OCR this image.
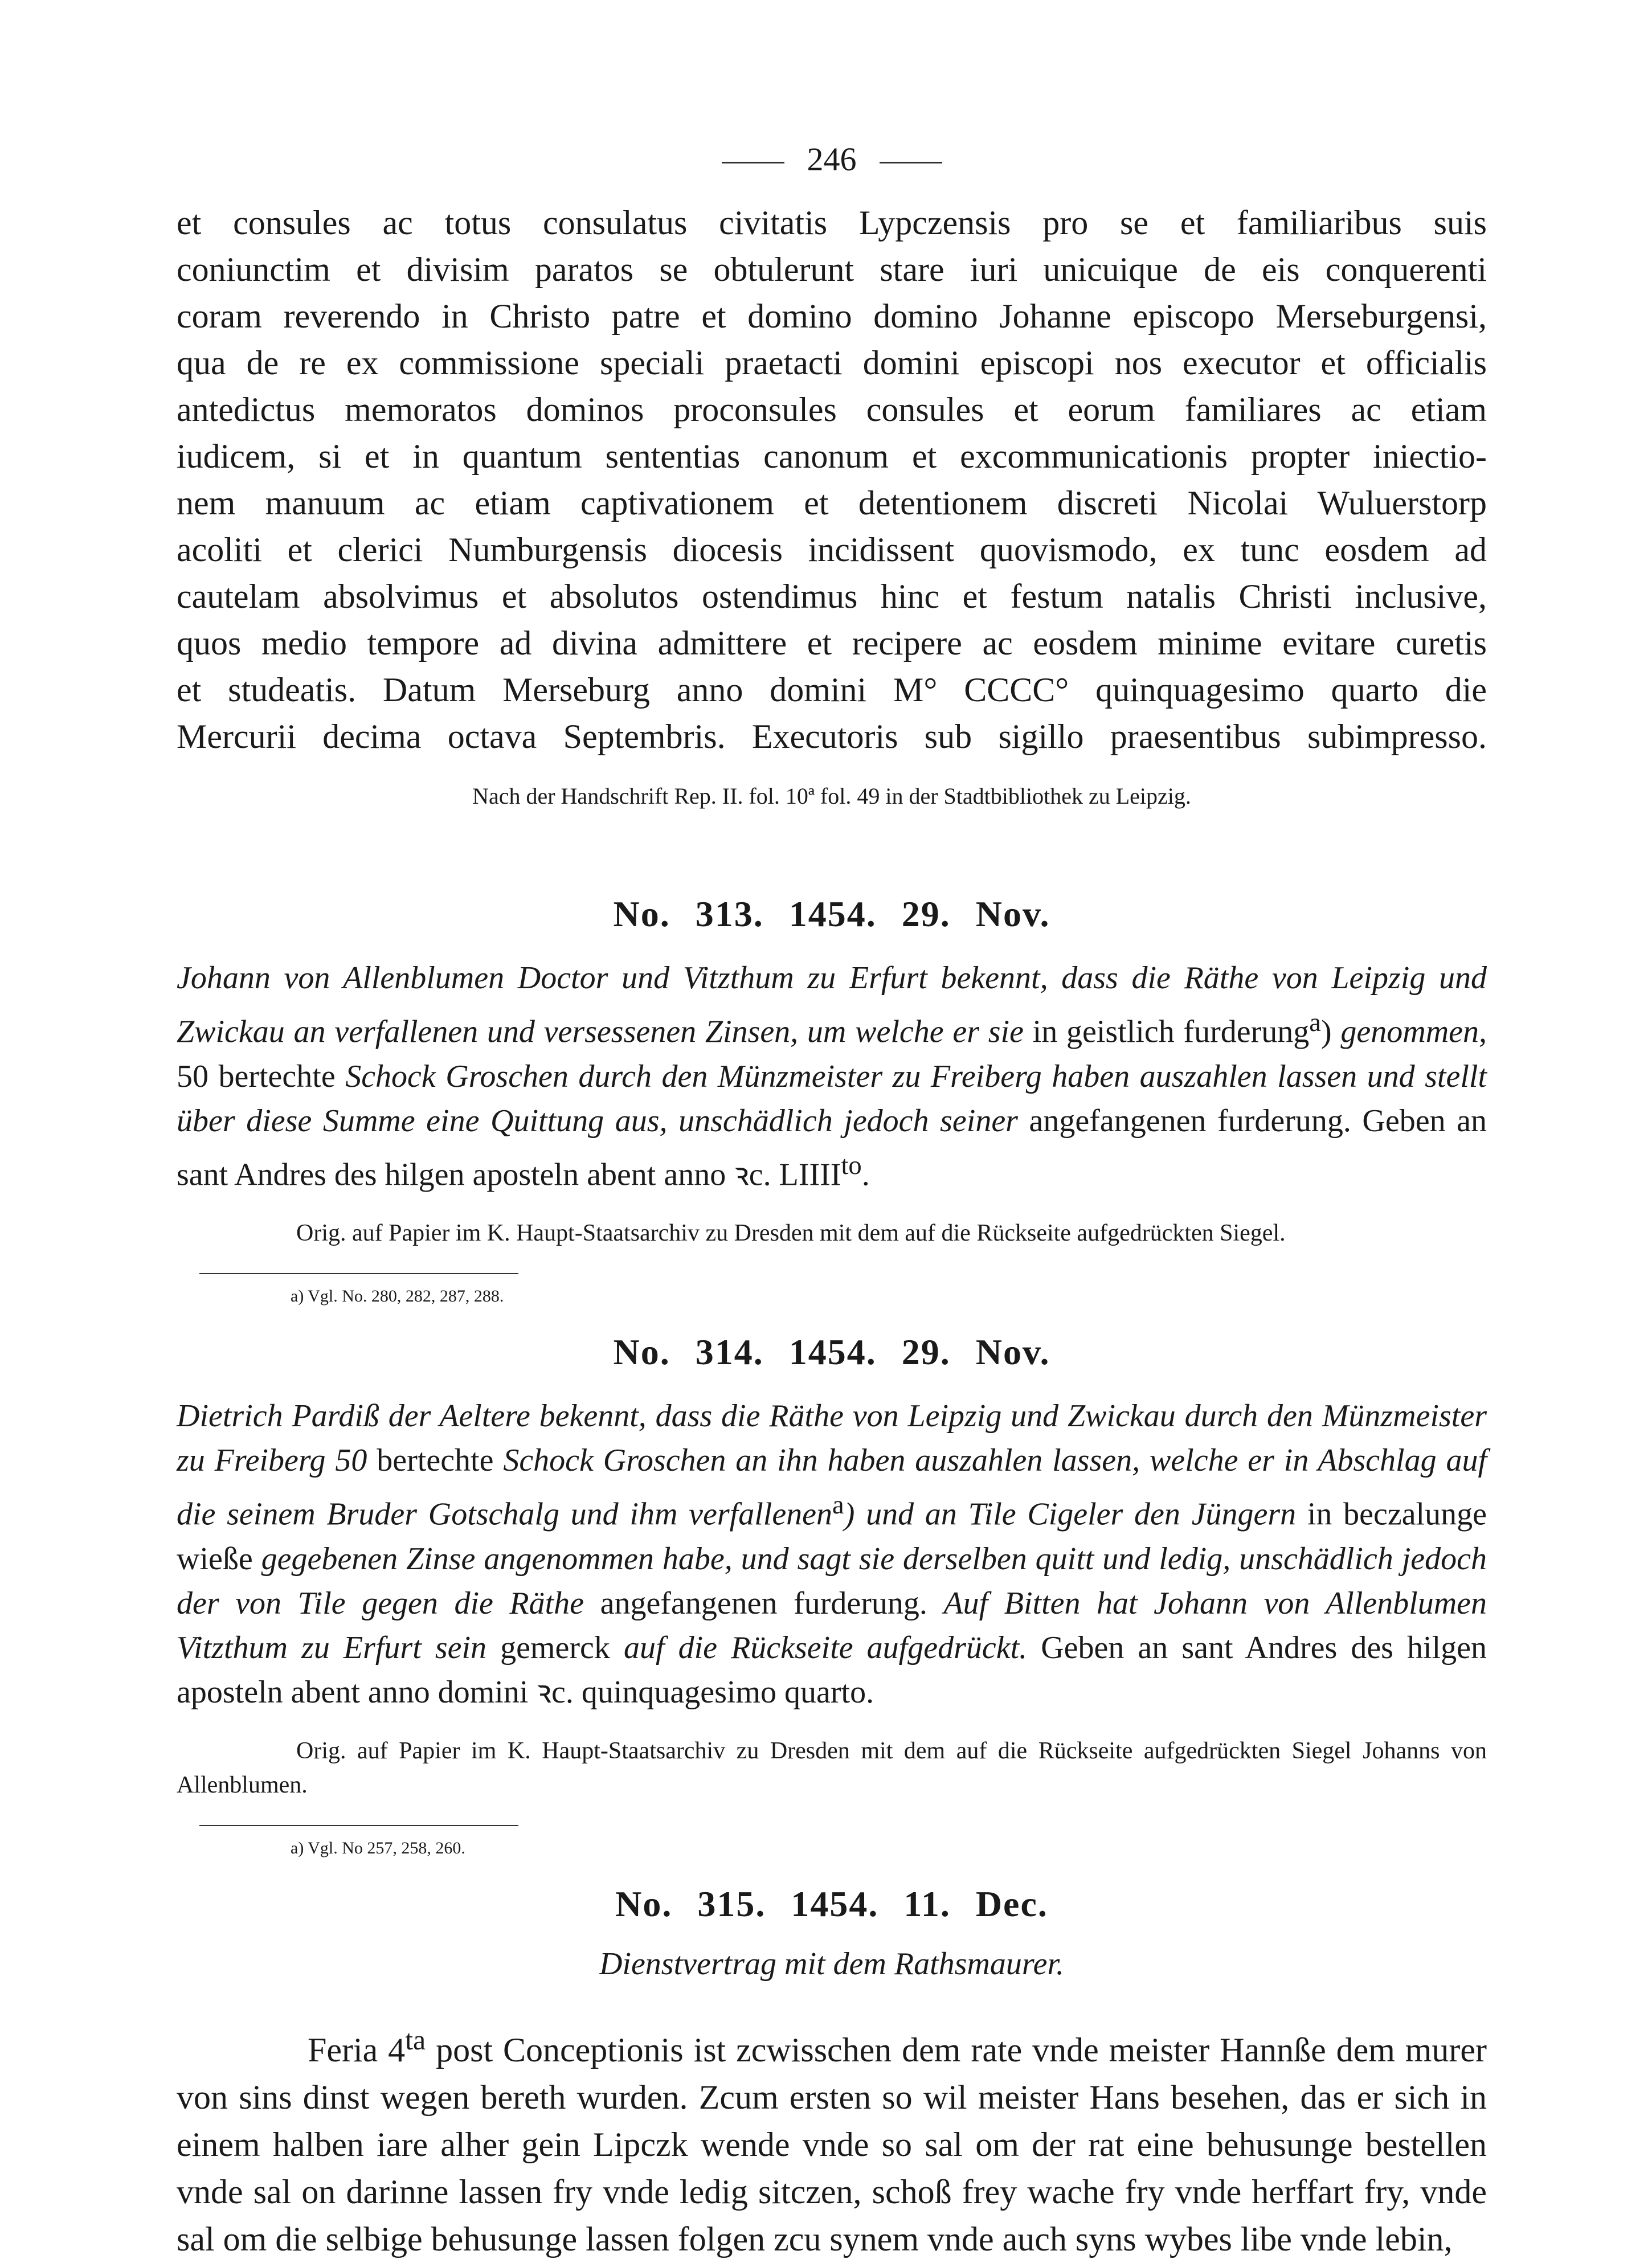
246

et consules ac totus consulatus civitatis Lypczensis pro se et familiaribus suis

coniunctim et divisim paratos se obtulerunt stare iuri unicuique de eis conquerenti

coram reverendo in Christo patre et domino domino Johanne episcopo Merseburgensi,

qua de re ex commissione speciali praetacti domini episcopi nos executor et officialis

antedictus memoratos dominos proconsules consules et eorum familiares ac etiam

iudicem, si et in quantum sententias canonum et excommunicationis propter iniectio-

nem manuum ac etiam captivationem et detentionem discreti Nicolai Wuluerstorp

acoliti et clerici Numburgensis diocesis incidissent quovismodo, ex tunc eosdem ad

cautelam absolvimus et absolutos ostendimus hinc et festum natalis Christi inclusive,

quos medio tempore ad divina admittere et recipere ac eosdem minime evitare curetis

et studeatis. Datum Merseburg anno domini M° CCCC° quinquagesimo quarto die

Mercurii decima octava Septembris. Executoris sub sigillo praesentibus subimpresso.

Nach der Handschrift Rep. II. fol. 10ª fol. 49 in der Stadtbibliothek zu Leipzig.

No. 313. 1454. 29. Nov.

Johann von Allenblumen Doctor und Vitzthum zu Erfurt bekennt, dass die Räthe von Leipzig und Zwickau an verfallenen und versessenen Zinsen, um welche er sie in geistlich furderung$^a$) genommen, 50 bertechte Schock Groschen durch den Münzmeister zu Freiberg haben auszahlen lassen und stellt über diese Summe eine Quittung aus, unschädlich jedoch seiner angefangenen furderung. Geben an sant Andres des hilgen aposteln abent anno ꝛc. $LIIII^{to}$.

Orig. auf Papier im K. Haupt-Staatsarchiv zu Dresden mit dem auf die Rückseite aufgedrückten Siegel.

a) Vgl. No. 280, 282, 287, 288.

No. 314. 1454. 29. Nov.

Dietrich Pardiß der Aeltere bekennt, dass die Räthe von Leipzig und Zwickau durch den Münzmeister zu Freiberg 50 bertechte Schock Groschen an ihn haben auszahlen lassen, welche er in Abschlag auf die seinem Bruder Gotschalg und ihm verfallenen$^a$) und an Tile Cigeler den Jüngern in beczalunge wieße gegebenen Zinse angenommen habe, und sagt sie derselben quitt und ledig, unschädlich jedoch der von Tile gegen die Räthe angefangenen furderung. Auf Bitten hat Johann von Allenblumen Vitzthum zu Erfurt sein gemerck auf die Rückseite aufgedrückt. Geben an sant Andres des hilgen aposteln abent anno domini ꝛc. quinquagesimo quarto.

Orig. auf Papier im K. Haupt-Staatsarchiv zu Dresden mit dem auf die Rückseite aufgedrückten Siegel Johanns von Allenblumen.

a) Vgl. No 257, 258, 260.

No. 315. 1454. 11. Dec.

Dienstvertrag mit dem Rathsmaurer.

Feria $4^{ta}$ post Conceptionis ist zcwisschen dem rate vnde meister Hannße dem murer von sins dinst wegen bereth wurden. Zcum ersten so wil meister Hans besehen, das er sich in einem halben iare alher gein Lipczk wende vnde so sal om der rat eine behusunge bestellen vnde sal on darinne lassen fry vnde ledig sitczen, schoß frey wache fry vnde herffart fry, vnde sal om die selbige behusunge lassen folgen zcu synem vnde auch syns wybes libe vnde lebin,
